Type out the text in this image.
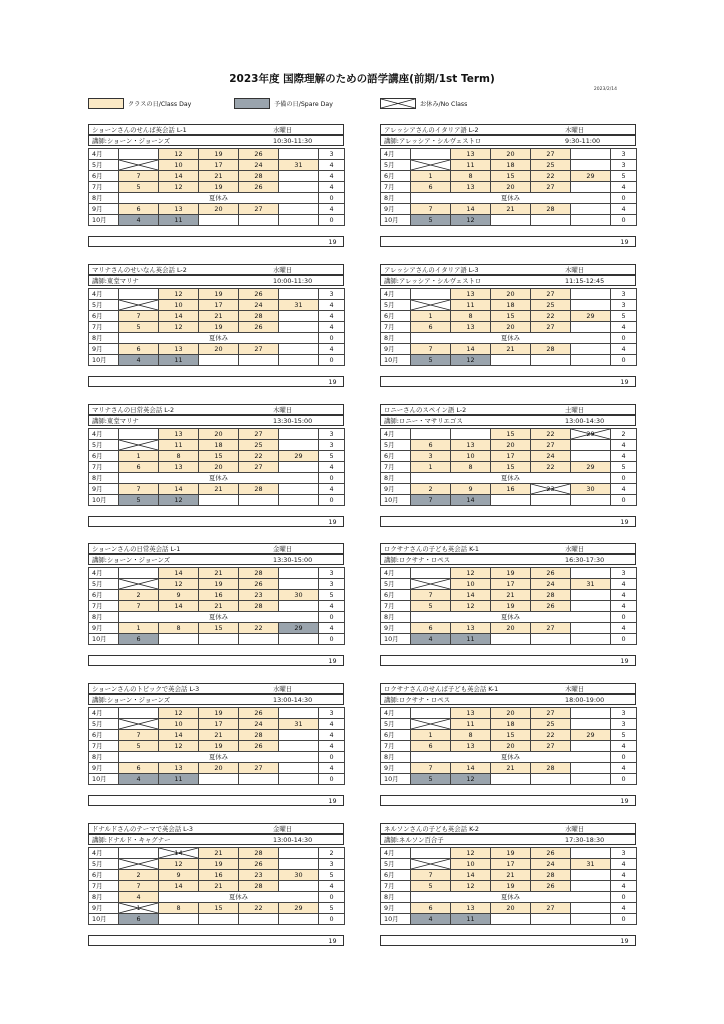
2023年度 国際理解のための語学講座(前期/1st Term)
2023/2/14
クラスの日/Class Day	予備の日/Spare Day	お休み/No Class
ショーンさんのせんば英会話 L-1	水曜日
講師:ショーン・ジョーンズ	10:30-11:30
4月		12	19	26		3
5月		10	17	24	31	4
6月	7	14	21	28		4
7月	5	12	19	26		4
8月	夏休み					0
9月	6	13	20	27		4
10月	4	11				0
19
アレッシアさんのイタリア語 L-2	木曜日
講師:アレッシア・シルヴェストロ	9:30-11:00
4月		13	20	27		3
5月		11	18	25		3
6月	1	8	15	22	29	5
7月	6	13	20	27		4
8月	夏休み					0
9月	7	14	21	28		4
10月	5	12				0
19
マリナさんのせいなん英会話 L-2	水曜日
講師:東堂マリナ	10:00-11:30
4月		12	19	26		3
5月		10	17	24	31	4
6月	7	14	21	28		4
7月	5	12	19	26		4
8月	夏休み					0
9月	6	13	20	27		4
10月	4	11				0
19
アレッシアさんのイタリア語 L-3	木曜日
講師:アレッシア・シルヴェストロ	11:15-12:45
4月		13	20	27		3
5月		11	18	25		3
6月	1	8	15	22	29	5
7月	6	13	20	27		4
8月	夏休み					0
9月	7	14	21	28		4
10月	5	12				0
19
マリナさんの日常英会話 L-2	木曜日
講師:東堂マリナ	13:30-15:00
4月		13	20	27		3
5月		11	18	25		3
6月	1	8	15	22	29	5
7月	6	13	20	27		4
8月	夏休み					0
9月	7	14	21	28		4
10月	5	12				0
19
ロニーさんのスペイン語 L-2	土曜日
講師:ロニー・マサリエゴス	13:00-14:30
4月			15	22	29	2
5月	6	13	20	27		4
6月	3	10	17	24		4
7月	1	8	15	22	29	5
8月	夏休み					0
9月	2	9	16	23	30	4
10月	7	14				0
19
ショーンさんの日常英会話 L-1	金曜日
講師:ショーン・ジョーンズ	13:30-15:00
4月		14	21	28		3
5月		12	19	26		3
6月	2	9	16	23	30	5
7月	7	14	21	28		4
8月	夏休み					0
9月	1	8	15	22	29	4
10月	6					0
19
ロクサナさんの子ども英会話 K-1	水曜日
講師:ロクサナ・ロペス	16:30-17:30
4月		12	19	26		3
5月		10	17	24	31	4
6月	7	14	21	28		4
7月	5	12	19	26		4
8月	夏休み					0
9月	6	13	20	27		4
10月	4	11				0
19
ショーンさんのトピックで英会話 L-3	水曜日
講師:ショーン・ジョーンズ	13:00-14:30
4月		12	19	26		3
5月		10	17	24	31	4
6月	7	14	21	28		4
7月	5	12	19	26		4
8月	夏休み					0
9月	6	13	20	27		4
10月	4	11				0
19
ロクサナさんのせんば子ども英会話 K-1	木曜日
講師:ロクサナ・ロペス	18:00-19:00
4月		13	20	27		3
5月		11	18	25		3
6月	1	8	15	22	29	5
7月	6	13	20	27		4
8月	夏休み					0
9月	7	14	21	28		4
10月	5	12				0
19
ドナルドさんのテーマで英会話 L-3	金曜日
講師:ドナルド・キャグナー	13:00-14:30
4月		14	21	28		2
5月		12	19	26		3
6月	2	9	16	23	30	5
7月	7	14	21	28		4
8月	4	夏休み				0
9月	1	8	15	22	29	5
10月	6					0
19
ネルソンさんの子ども英会話 K-2	水曜日
講師:ネルソン百合子	17:30-18:30
4月		12	19	26		3
5月		10	17	24	31	4
6月	7	14	21	28		4
7月	5	12	19	26		4
8月	夏休み					0
9月	6	13	20	27		4
10月	4	11				0
19
